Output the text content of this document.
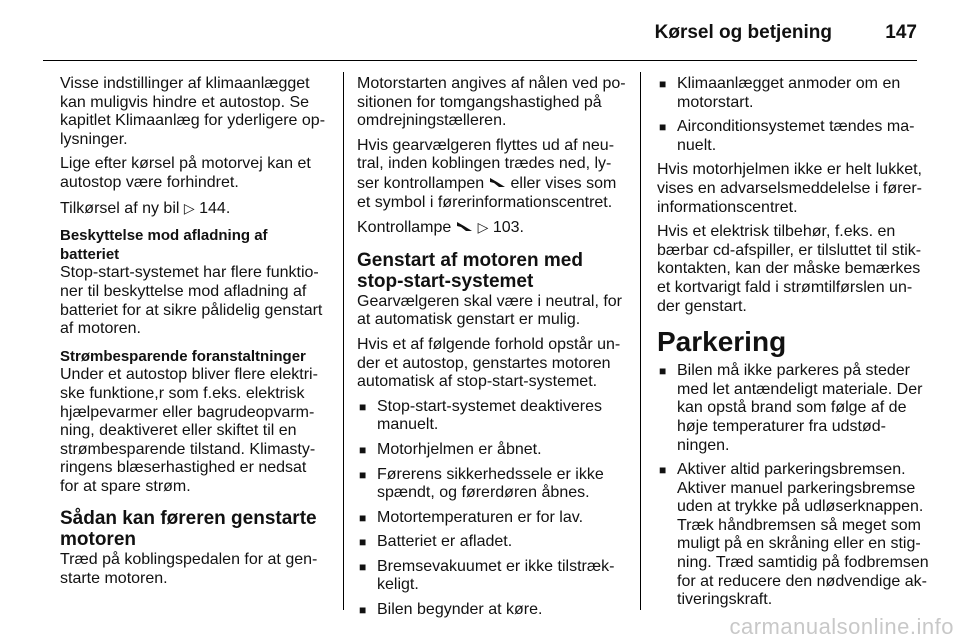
Kørsel og betjening	147

Visse indstillinger af klimaanlægget kan muligvis hindre et autostop. Se kapitlet Klimaanlæg for yderligere op-lysninger.

Lige efter kørsel på motorvej kan et autostop være forhindret.

Tilkørsel af ny bil ▷ 144.

Beskyttelse mod afladning af batteriet

Stop-start-systemet har flere funktio-ner til beskyttelse mod afladning af batteriet for at sikre pålidelig genstart af motoren.

Strømbesparende foranstaltninger

Under et autostop bliver flere elektri-ske funktione,r som f.eks. elektrisk hjælpevarmer eller bagrudeopvarm-ning, deaktiveret eller skiftet til en strømbesparende tilstand. Klimasty-ringens blæserhastighed er nedsat for at spare strøm.

Sådan kan føreren genstarte motoren

Træd på koblingspedalen for at gen-starte motoren.

Motorstarten angives af nålen ved po-sitionen for tomgangshastighed på omdrejningstælleren.

Hvis gearvælgeren flyttes ud af neu-tral, inden koblingen trædes ned, ly-ser kontrollampen eller vises som et symbol i førerinformationscentret.

Kontrollampe ▷ 103.

Genstart af motoren med stop-start-systemet

Gearvælgeren skal være i neutral, for at automatisk genstart er mulig.

Hvis et af følgende forhold opstår un-der et autostop, genstartes motoren automatisk af stop-start-systemet.

■ Stop-start-systemet deaktiveres manuelt.
■ Motorhjelmen er åbnet.
■ Førerens sikkerhedssele er ikke spændt, og førerdøren åbnes.
■ Motortemperaturen er for lav.
■ Batteriet er afladet.
■ Bremsevakuumet er ikke tilstræk-keligt.
■ Bilen begynder at køre.
■ Klimaanlægget anmoder om en motorstart.
■ Airconditionsystemet tændes ma-nuelt.

Hvis motorhjelmen ikke er helt lukket, vises en advarselsmeddelelse i fører-informationscentret.

Hvis et elektrisk tilbehør, f.eks. en bærbar cd-afspiller, er tilsluttet til stik-kontakten, kan der måske bemærkes et kortvarigt fald i strømtilførslen un-der genstart.

Parkering
■ Bilen må ikke parkeres på steder med let antændeligt materiale. Der kan opstå brand som følge af de høje temperaturer fra udstød-ningen.
■ Aktiver altid parkeringsbremsen. Aktiver manuel parkeringsbremse uden at trykke på udløserknappen. Træk håndbremsen så meget som muligt på en skråning eller en stig-ning. Træd samtidig på fodbremsen for at reducere den nødvendige ak-tiveringskraft.
carmanualsonline.info
